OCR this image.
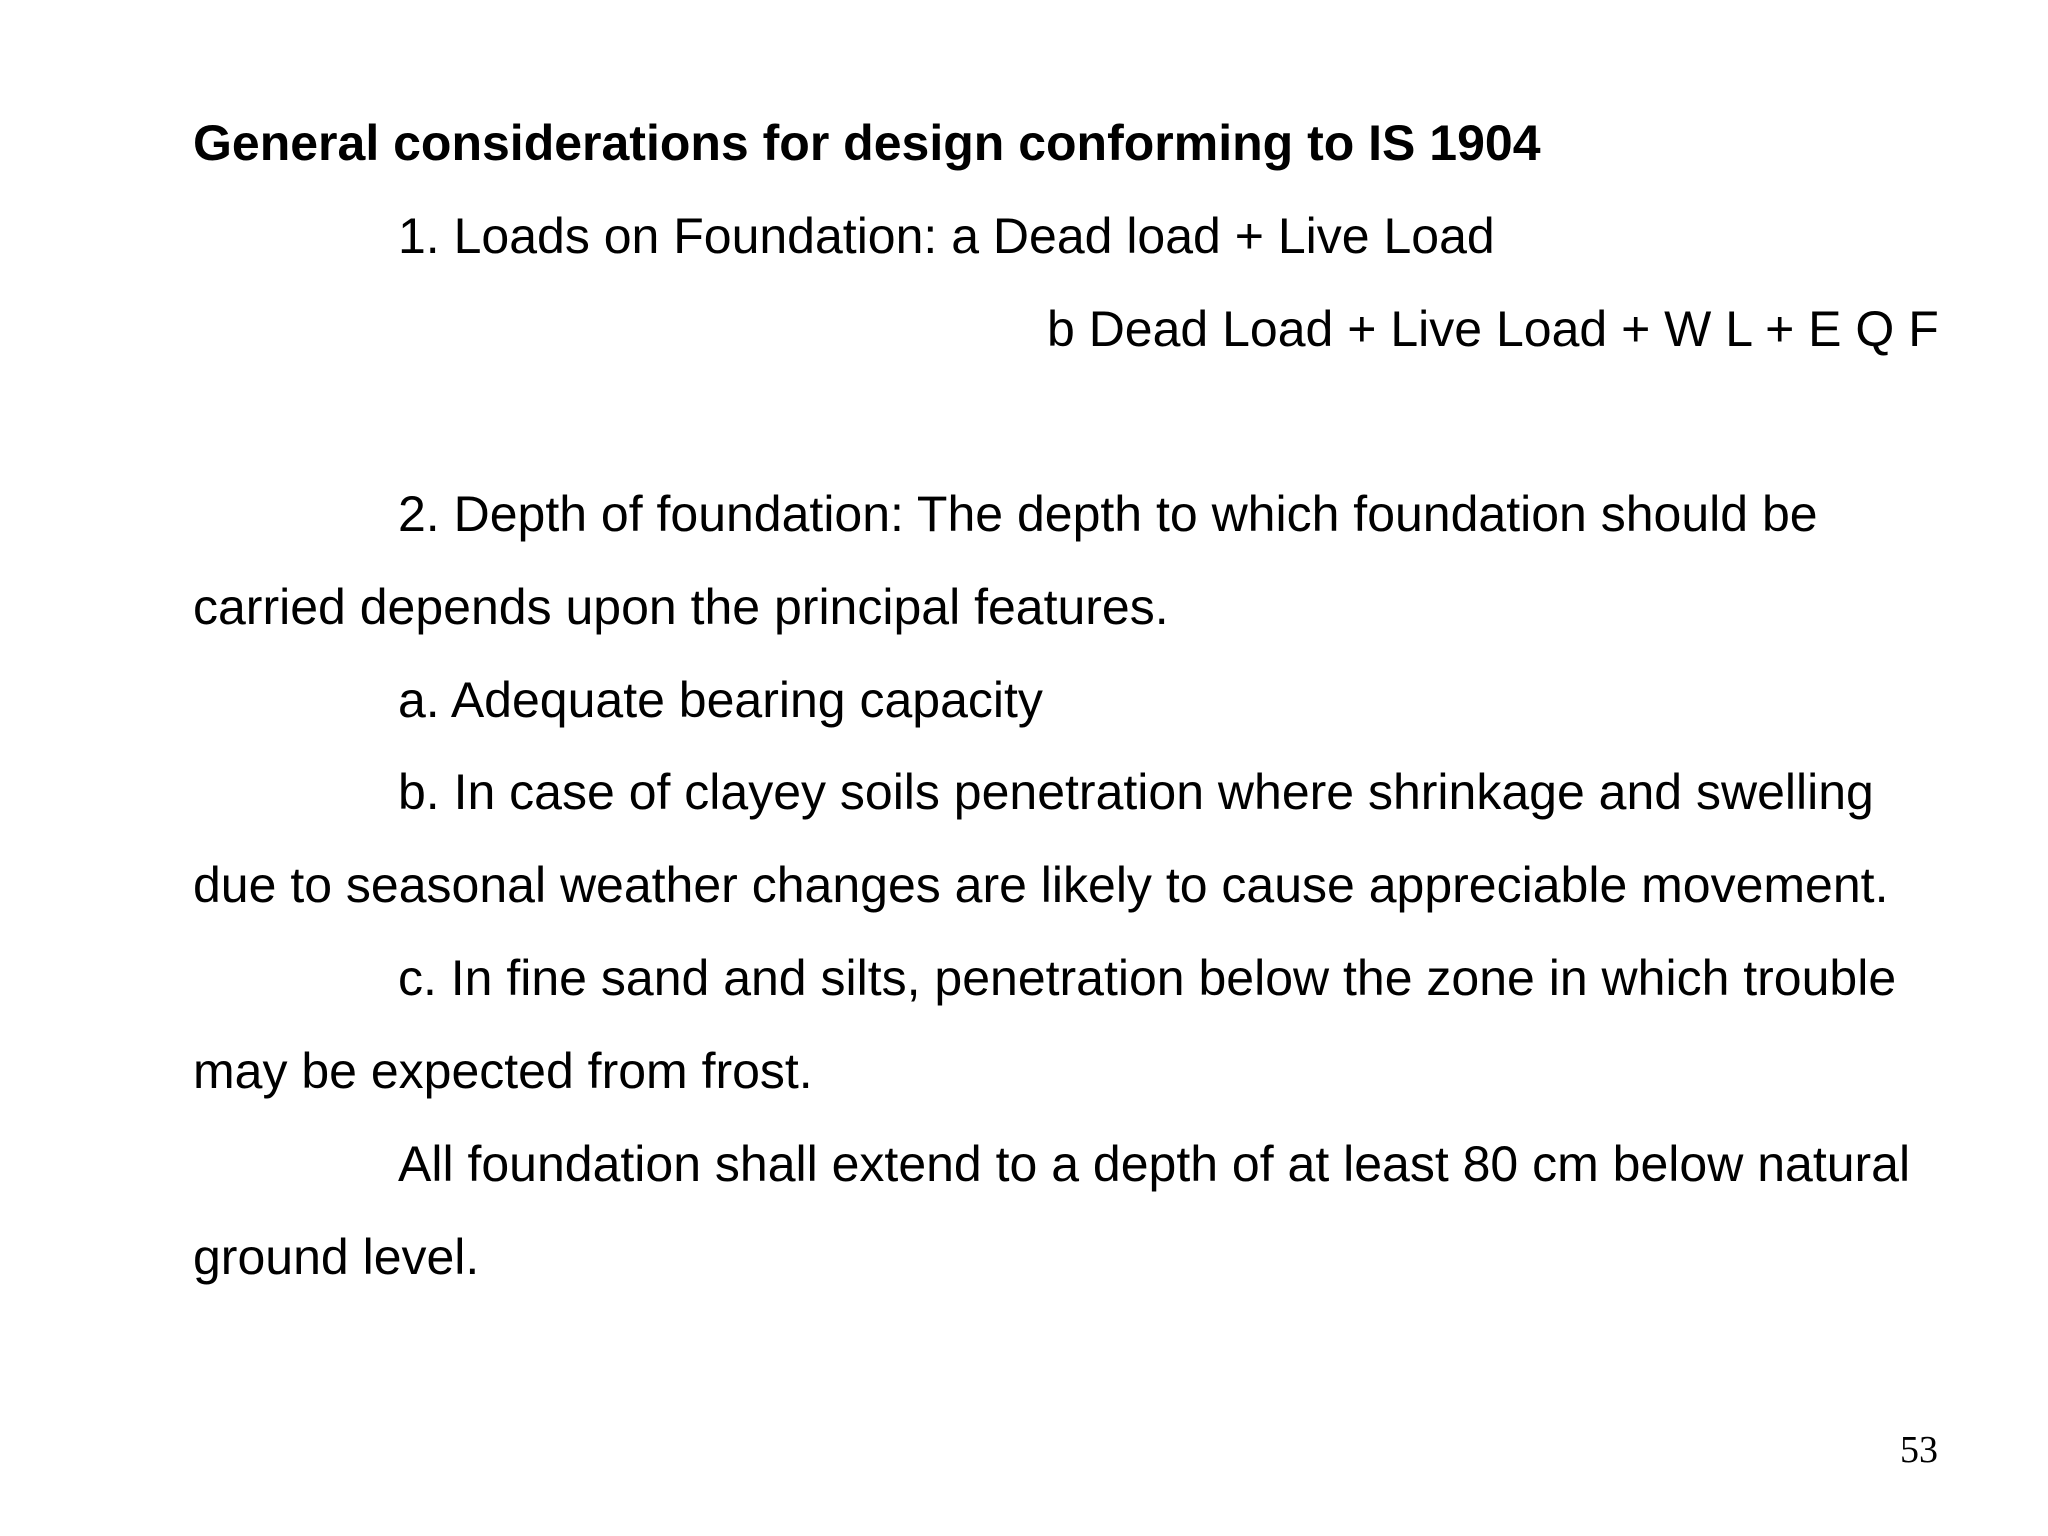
General considerations for design conforming to IS 1904
1. Loads on Foundation: a Dead load + Live Load
b Dead Load + Live Load + W L + E Q F
2. Depth of foundation: The depth to which foundation should be
carried depends upon the principal features.
a. Adequate bearing capacity
b. In case of clayey soils penetration where shrinkage and swelling
due to seasonal weather changes are likely to cause appreciable movement.
c. In fine sand and silts, penetration below the zone in which trouble
may be expected from frost.
All foundation shall extend to a depth of at least 80 cm below natural
ground level.
53
